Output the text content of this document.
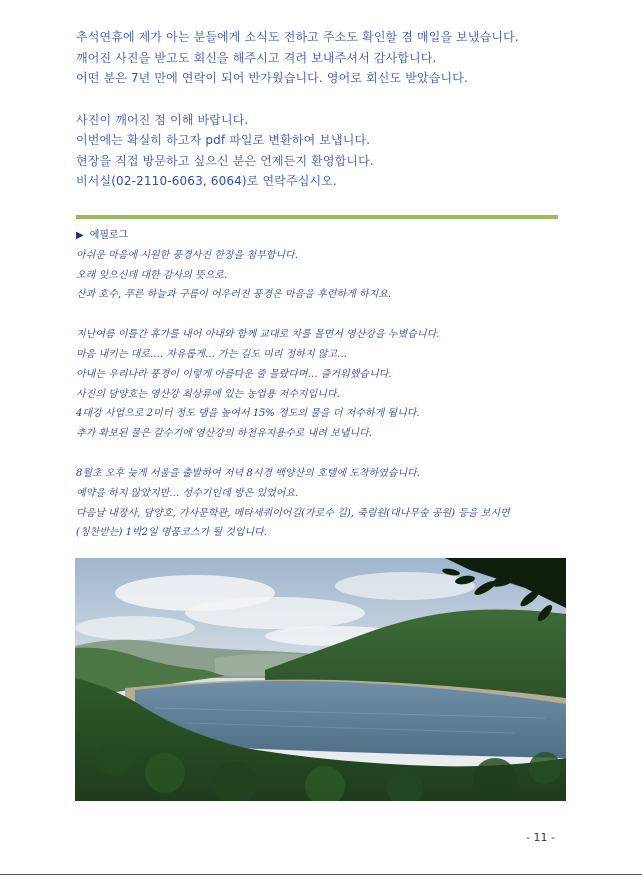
추석연휴에 제가 아는 분들에게 소식도 전하고 주소도 확인할 겸 매일을 보냈습니다.
깨어진 사진을 받고도 회신을 해주시고 격려 보내주셔서 감사합니다.
어떤 분은 7년 만에 연락이 되어 반가웠습니다. 영어로 회신도 받았습니다.
사진이 깨어진 점 이해 바랍니다.
이번에는 확실히 하고자 pdf 파일로 변환하여 보냅니다.
현장을 직접 방문하고 싶으신 분은 언제든지 환영합니다.
비서실(02-2110-6063, 6064)로 연락주십시오.
▶ 에필로그
아쉬운 마음에 시원한 풍경사진 한장을 첨부합니다.
오래 잊으신데 대한 감사의 뜻으로.
산과 호수, 푸른 하늘과 구름이 어우러진 풍경은 마음을 후련하게 하지요.
지난여름 이틀간 휴가를 내어 아내와 함께 교대로 차를 몰면서 영산강을 누볐습니다.
마음 내키는 대로…. 자유롭게… 가는 길도 미리 정하지 않고…
아내는 우리나라 풍경이 이렇게 아름다운 줄 몰랐다며… 즐거워했습니다.
사진의 담양호는 영산강 최상류에 있는 농업용 저수지입니다.
4대강 사업으로 2미터 정도 댐을 높여서 15% 정도의 물을 더 저수하게 됩니다.
추가 확보된 물은 갈수기에 영산강의 하천유지용수로 내려 보냅니다.
8월초 오후 늦게 서울을 출발하여 저녁 8시경 백양산의 호텔에 도착하였습니다.
예약을 하지 않았지만… 성수기인데 방은 있었어요.
다음날 내장사, 담양호, 가사문학관, 메타세쿼이어길(가로수 길), 죽림원(대나무숲 공원) 등을 보시면
(칭찬받는) 1박2일 명품코스가 될 것입니다.
- 11 -
